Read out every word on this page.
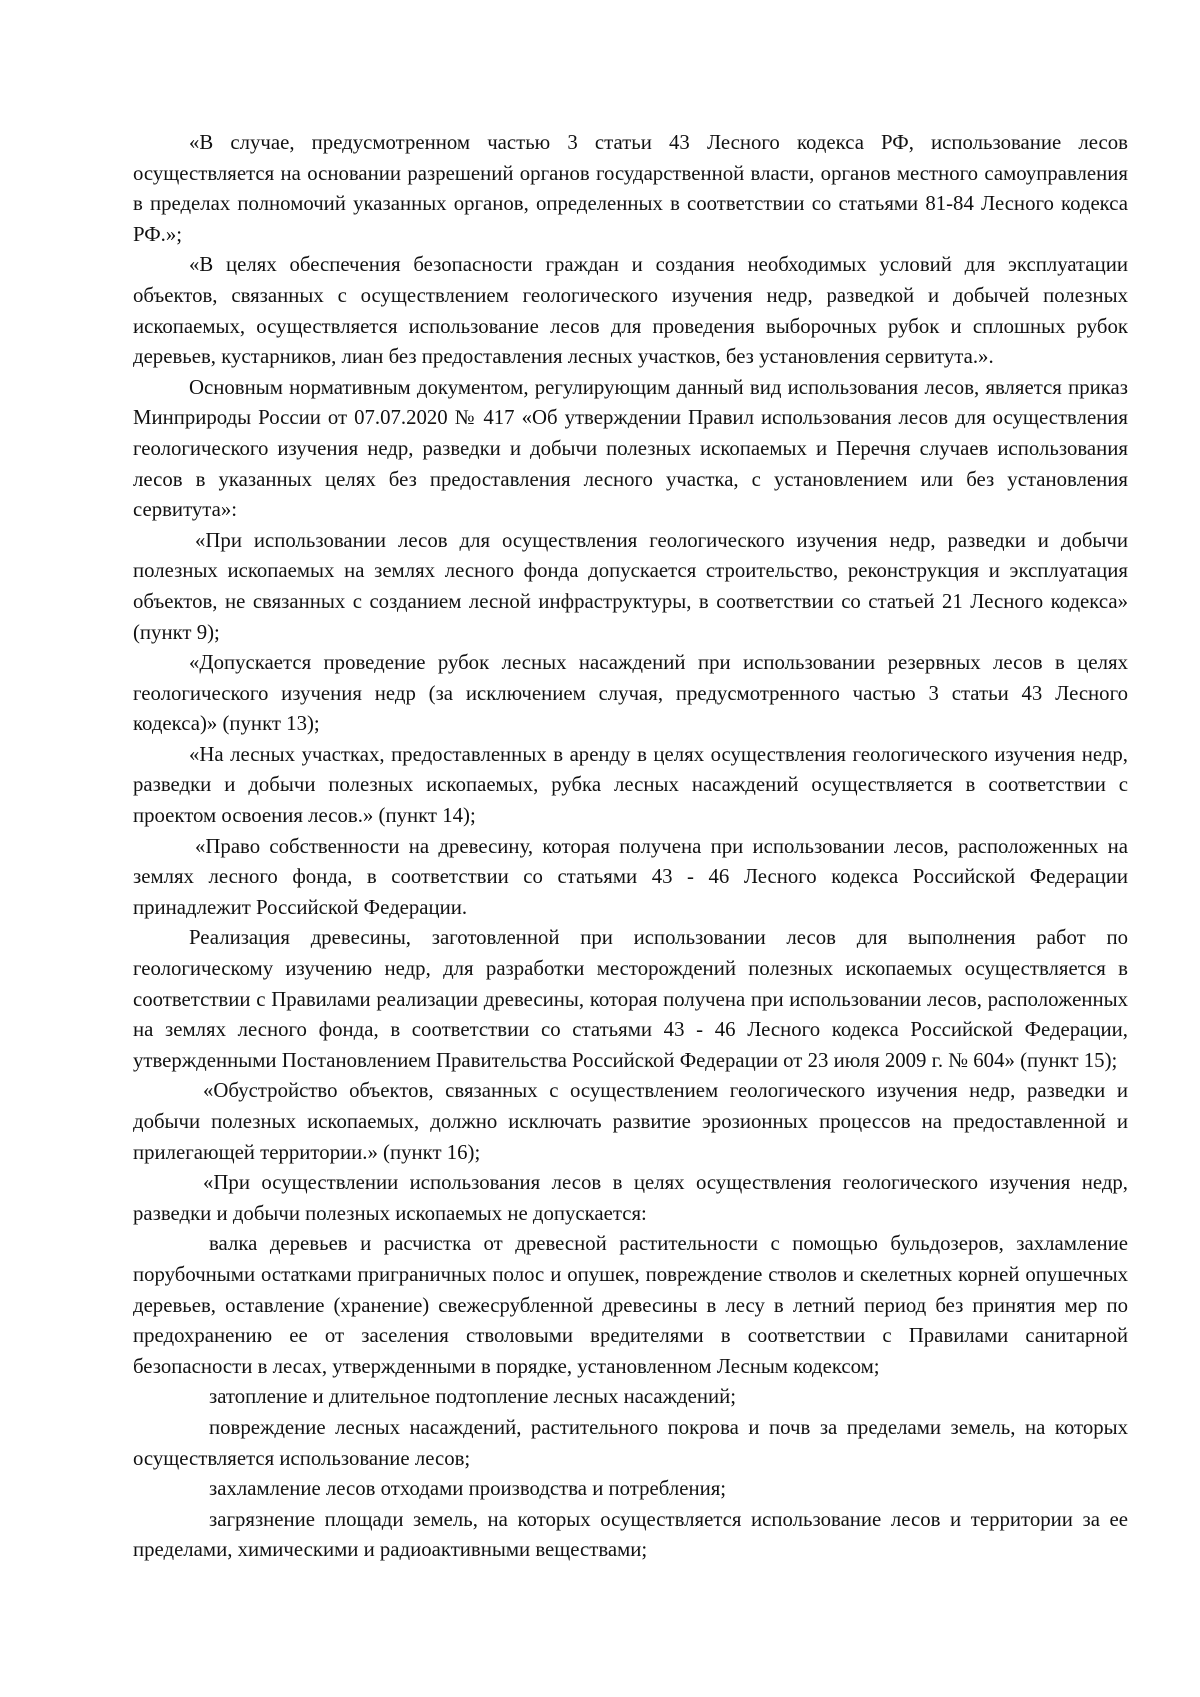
«В случае, предусмотренном частью 3 статьи 43 Лесного кодекса РФ, использование лесов осуществляется на основании разрешений органов государственной власти, органов местного самоуправления в пределах полномочий указанных органов, определенных в соответствии со статьями 81-84 Лесного кодекса РФ.»;

«В целях обеспечения безопасности граждан и создания необходимых условий для эксплуатации объектов, связанных с осуществлением геологического изучения недр, разведкой и добычей полезных ископаемых, осуществляется использование лесов для проведения выборочных рубок и сплошных рубок деревьев, кустарников, лиан без предоставления лесных участков, без установления сервитута.».

Основным нормативным документом, регулирующим данный вид использования лесов, является приказ Минприроды России от 07.07.2020 № 417 «Об утверждении Правил использования лесов для осуществления геологического изучения недр, разведки и добычи полезных ископаемых и Перечня случаев использования лесов в указанных целях без предоставления лесного участка, с установлением или без установления сервитута»:

«При использовании лесов для осуществления геологического изучения недр, разведки и добычи полезных ископаемых на землях лесного фонда допускается строительство, реконструкция и эксплуатация объектов, не связанных с созданием лесной инфраструктуры, в соответствии со статьей 21 Лесного кодекса» (пункт 9);

«Допускается проведение рубок лесных насаждений при использовании резервных лесов в целях геологического изучения недр (за исключением случая, предусмотренного частью 3 статьи 43 Лесного кодекса)» (пункт 13);

«На лесных участках, предоставленных в аренду в целях осуществления геологического изучения недр, разведки и добычи полезных ископаемых, рубка лесных насаждений осуществляется в соответствии с проектом освоения лесов.» (пункт 14);

«Право собственности на древесину, которая получена при использовании лесов, расположенных на землях лесного фонда, в соответствии со статьями 43 - 46 Лесного кодекса Российской Федерации принадлежит Российской Федерации.

Реализация древесины, заготовленной при использовании лесов для выполнения работ по геологическому изучению недр, для разработки месторождений полезных ископаемых осуществляется в соответствии с Правилами реализации древесины, которая получена при использовании лесов, расположенных на землях лесного фонда, в соответствии со статьями 43 - 46 Лесного кодекса Российской Федерации, утвержденными Постановлением Правительства Российской Федерации от 23 июля 2009 г. № 604» (пункт 15);

«Обустройство объектов, связанных с осуществлением геологического изучения недр, разведки и добычи полезных ископаемых, должно исключать развитие эрозионных процессов на предоставленной и прилегающей территории.» (пункт 16);

«При осуществлении использования лесов в целях осуществления геологического изучения недр, разведки и добычи полезных ископаемых не допускается:

валка деревьев и расчистка от древесной растительности с помощью бульдозеров, захламление порубочными остатками приграничных полос и опушек, повреждение стволов и скелетных корней опушечных деревьев, оставление (хранение) свежесрубленной древесины в лесу в летний период без принятия мер по предохранению ее от заселения стволовыми вредителями в соответствии с Правилами санитарной безопасности в лесах, утвержденными в порядке, установленном Лесным кодексом;

затопление и длительное подтопление лесных насаждений;

повреждение лесных насаждений, растительного покрова и почв за пределами земель, на которых осуществляется использование лесов;

захламление лесов отходами производства и потребления;

загрязнение площади земель, на которых осуществляется использование лесов и территории за ее пределами, химическими и радиоактивными веществами;
